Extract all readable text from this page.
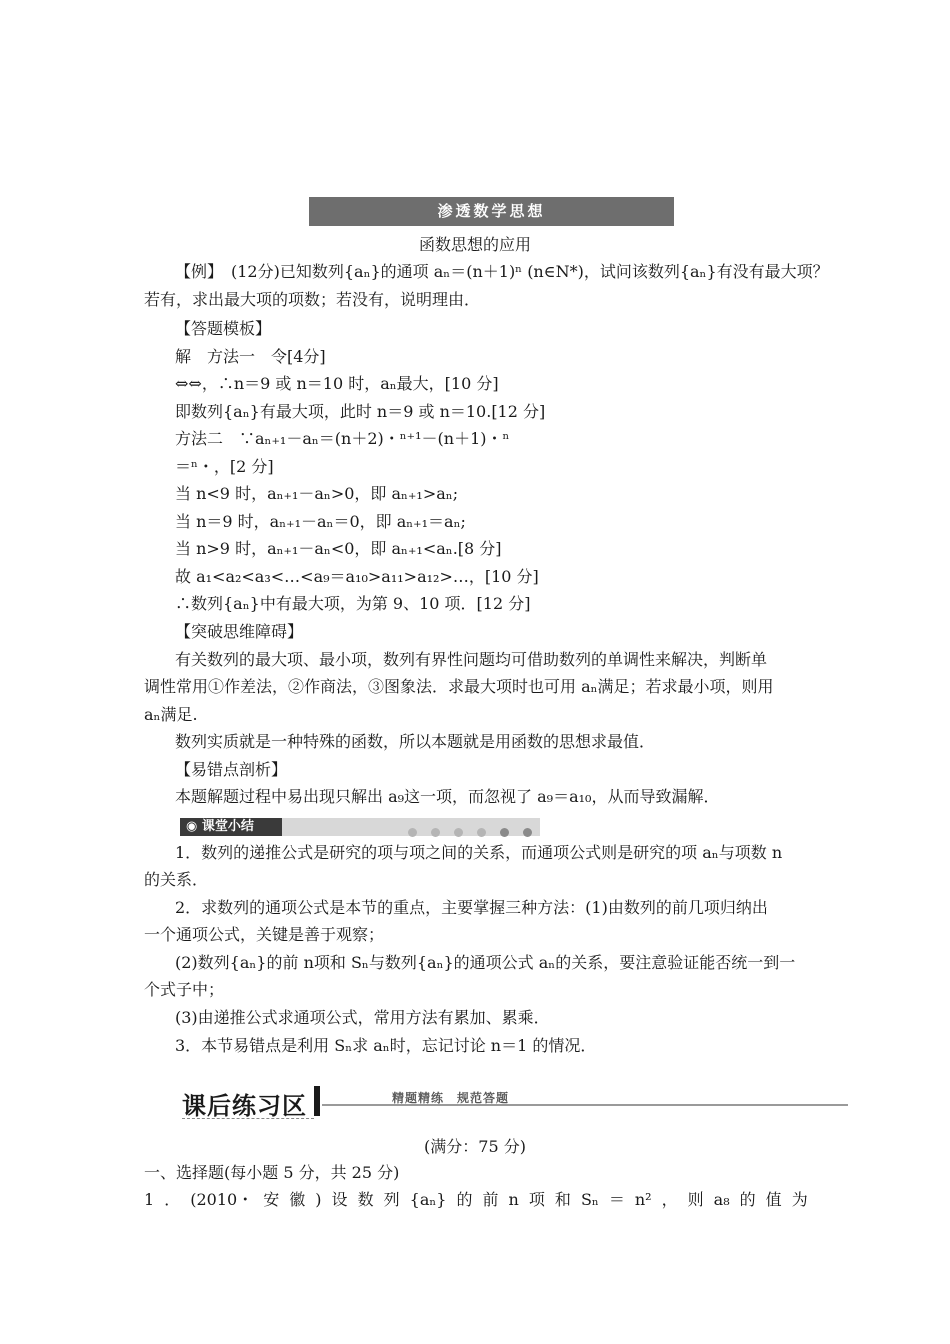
渗透数学思想
函数思想的应用
【例】　(12分)已知数列{aₙ}的通项 aₙ＝(n＋1)ⁿ (n∈N*)，试问该数列{aₙ}有没有最大项？
若有，求出最大项的项数；若没有，说明理由．
【答题模板】
解　方法一　令[4分]
⇔⇔，∴n＝9 或 n＝10 时，aₙ最大，[10 分]
即数列{aₙ}有最大项，此时 n＝9 或 n＝10.[12 分]
方法二　∵aₙ₊₁－aₙ＝(n＋2)・ⁿ⁺¹－(n＋1)・ⁿ
＝ⁿ・，[2 分]
当 n<9 时，aₙ₊₁－aₙ>0，即 aₙ₊₁>aₙ;
当 n＝9 时，aₙ₊₁－aₙ＝0，即 aₙ₊₁＝aₙ;
当 n>9 时，aₙ₊₁－aₙ<0，即 aₙ₊₁<aₙ.[8 分]
故 a₁<a₂<a₃<…<a₉＝a₁₀>a₁₁>a₁₂>…，[10 分]
∴数列{aₙ}中有最大项，为第 9、10 项．[12 分]
【突破思维障碍】
有关数列的最大项、最小项，数列有界性问题均可借助数列的单调性来解决，判断单
调性常用①作差法，②作商法，③图象法．求最大项时也可用 aₙ满足；若求最小项，则用
aₙ满足.
数列实质就是一种特殊的函数，所以本题就是用函数的思想求最值．
【易错点剖析】
本题解题过程中易出现只解出 a₉这一项，而忽视了 a₉＝a₁₀，从而导致漏解．
◉ 课堂小结

1．数列的递推公式是研究的项与项之间的关系，而通项公式则是研究的项 aₙ与项数 n
的关系．
2．求数列的通项公式是本节的重点，主要掌握三种方法：(1)由数列的前几项归纳出
一个通项公式，关键是善于观察；
(2)数列{aₙ}的前 n项和 Sₙ与数列{aₙ}的通项公式 aₙ的关系，要注意验证能否统一到一
个式子中；
(3)由递推公式求通项公式，常用方法有累加、累乘．
3．本节易错点是利用 Sₙ求 aₙ时，忘记讨论 n＝1 的情况．
课后练习区	精题精练　规范答题
(满分：75 分)
一、选择题(每小题 5 分，共 25 分)
1 ． (2010・ 安 徽 ) 设 数 列 {aₙ} 的 前 n 项 和 Sₙ ＝ n² ， 则 a₈ 的 值 为
